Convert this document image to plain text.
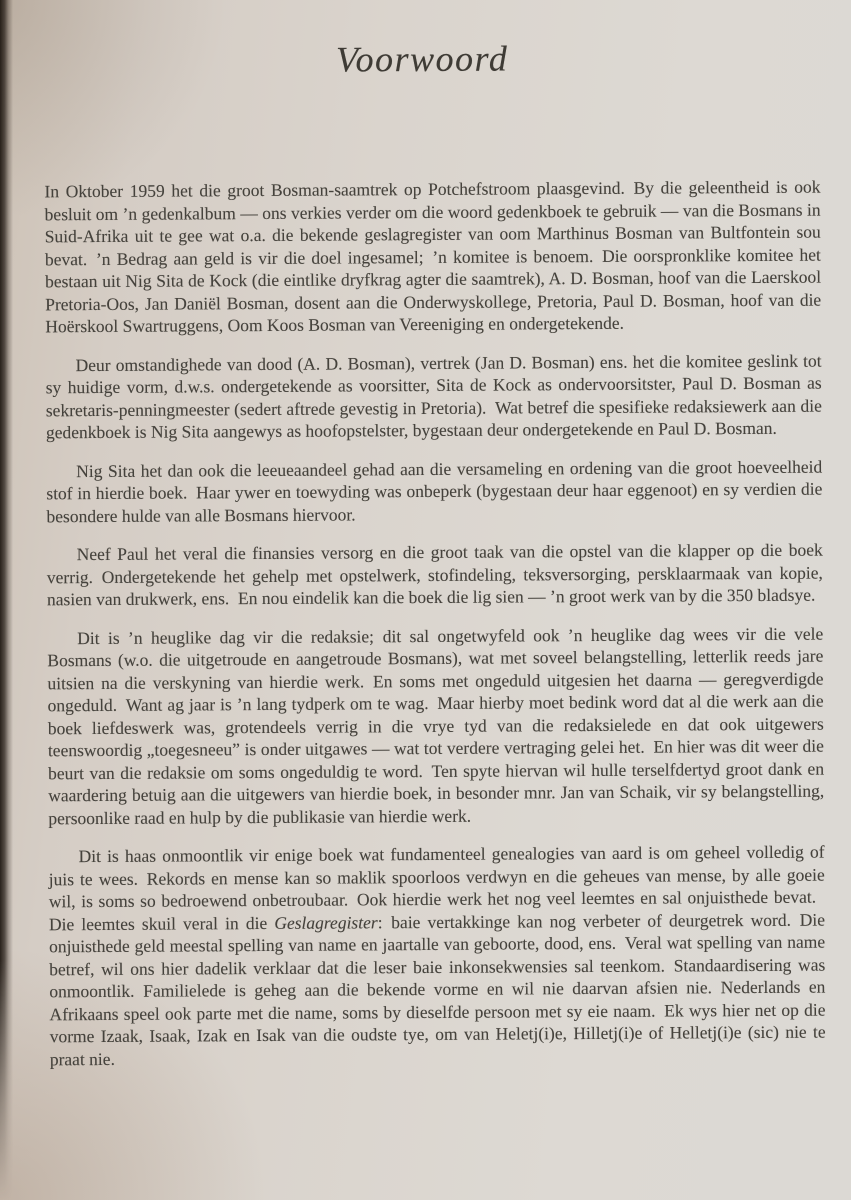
Voorwoord

In Oktober 1959 het die groot Bosman-saamtrek op Potchefstroom plaasgevind. By die geleentheid is ook besluit om ’n gedenkalbum — ons verkies verder om die woord gedenkboek te gebruik — van die Bosmans in Suid-Afrika uit te gee wat o.a. die bekende geslagregister van oom Marthinus Bosman van Bultfontein sou bevat. ’n Bedrag aan geld is vir die doel ingesamel; ’n komitee is benoem. Die oorspronklike komitee het bestaan uit Nig Sita de Kock (die eintlike dryfkrag agter die saamtrek), A. D. Bosman, hoof van die Laerskool Pretoria-Oos, Jan Daniël Bosman, dosent aan die Onderwyskollege, Pretoria, Paul D. Bosman, hoof van die Hoërskool Swartruggens, Oom Koos Bosman van Vereeniging en ondergetekende.

Deur omstandighede van dood (A. D. Bosman), vertrek (Jan D. Bosman) ens. het die komitee geslink tot sy huidige vorm, d.w.s. ondergetekende as voorsitter, Sita de Kock as ondervoorsitster, Paul D. Bosman as sekretaris-penningmeester (sedert aftrede gevestig in Pretoria). Wat betref die spesifieke redaksiewerk aan die gedenkboek is Nig Sita aangewys as hoofopstelster, bygestaan deur ondergetekende en Paul D. Bosman.

Nig Sita het dan ook die leeueaandeel gehad aan die versameling en ordening van die groot hoeveelheid stof in hierdie boek. Haar ywer en toewyding was onbeperk (bygestaan deur haar eggenoot) en sy verdien die besondere hulde van alle Bosmans hiervoor.

Neef Paul het veral die finansies versorg en die groot taak van die opstel van die klapper op die boek verrig. Ondergetekende het gehelp met opstelwerk, stofindeling, teksversorging, persklaarmaak van kopie, nasien van drukwerk, ens. En nou eindelik kan die boek die lig sien — ’n groot werk van by die 350 bladsye.

Dit is ’n heuglike dag vir die redaksie; dit sal ongetwyfeld ook ’n heuglike dag wees vir die vele Bosmans (w.o. die uitgetroude en aangetroude Bosmans), wat met soveel belangstelling, letterlik reeds jare uitsien na die verskyning van hierdie werk. En soms met ongeduld uitgesien het daarna — geregverdigde ongeduld. Want ag jaar is ’n lang tydperk om te wag. Maar hierby moet bedink word dat al die werk aan die boek liefdeswerk was, grotendeels verrig in die vrye tyd van die redaksielede en dat ook uitgewers teenswoordig „toegesneeu” is onder uitgawes — wat tot verdere vertraging gelei het. En hier was dit weer die beurt van die redaksie om soms ongeduldig te word. Ten spyte hiervan wil hulle terselfdertyd groot dank en waardering betuig aan die uitgewers van hierdie boek, in besonder mnr. Jan van Schaik, vir sy belangstelling, persoonlike raad en hulp by die publikasie van hierdie werk.

Dit is haas onmoontlik vir enige boek wat fundamenteel genealogies van aard is om geheel volledig of juis te wees. Rekords en mense kan so maklik spoorloos verdwyn en die geheues van mense, by alle goeie wil, is soms so bedroewend onbetroubaar. Ook hierdie werk het nog veel leemtes en sal onjuisthede bevat. Die leemtes skuil veral in die Geslagregister: baie vertakkinge kan nog verbeter of deurgetrek word. Die onjuisthede geld meestal spelling van name en jaartalle van geboorte, dood, ens. Veral wat spelling van name betref, wil ons hier dadelik verklaar dat die leser baie inkonsekwensies sal teenkom. Standaardisering was onmoontlik. Familielede is geheg aan die bekende vorme en wil nie daarvan afsien nie. Nederlands en Afrikaans speel ook parte met die name, soms by dieselfde persoon met sy eie naam. Ek wys hier net op die vorme Izaak, Isaak, Izak en Isak van die oudste tye, om van Heletj(i)e, Hilletj(i)e of Helletj(i)e (sic) nie te praat nie.
